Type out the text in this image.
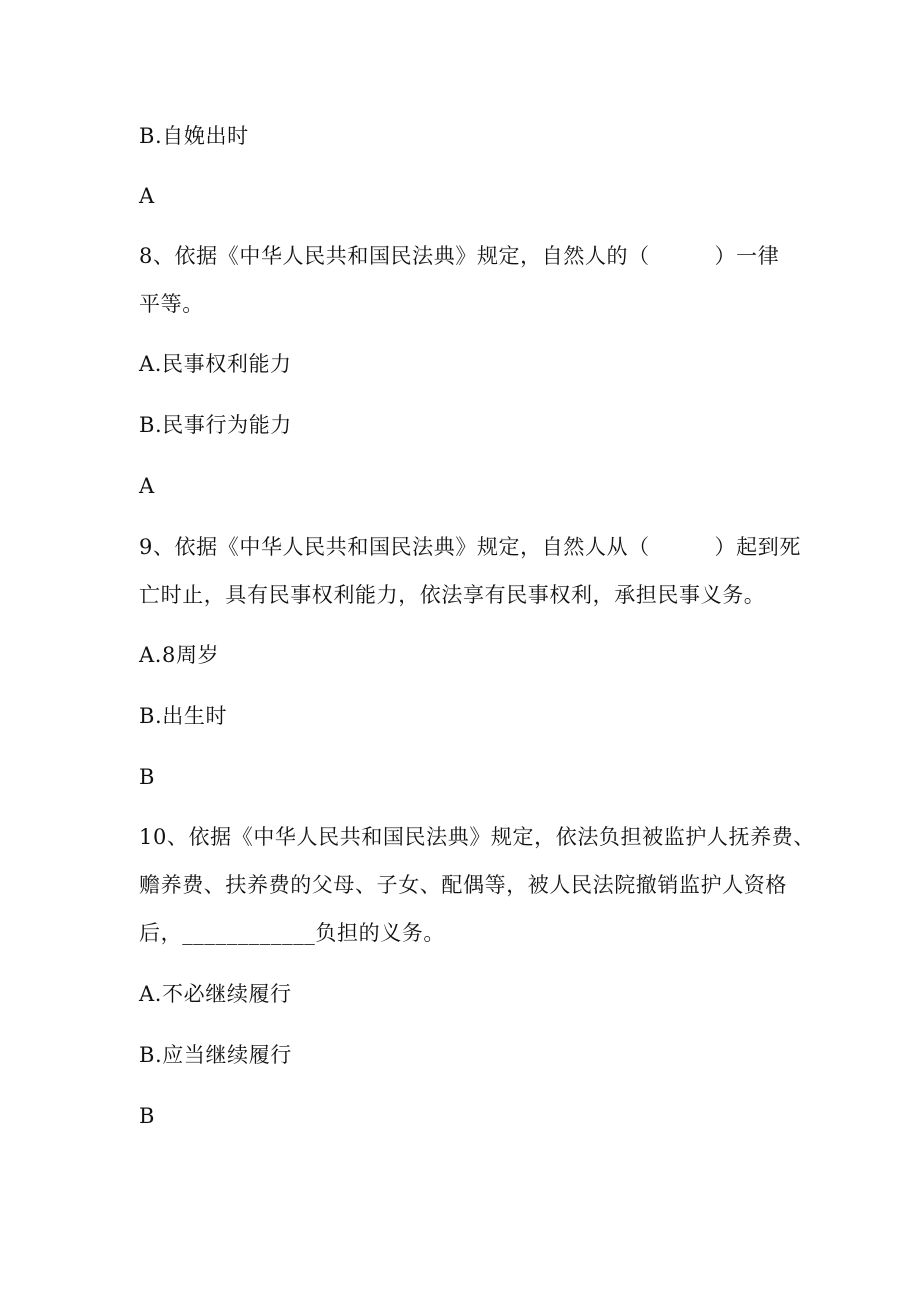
B.自娩出时
A
8、依据《中华人民共和国民法典》规定，自然人的（　　　）一律
平等。
A.民事权利能力
B.民事行为能力
A
9、依据《中华人民共和国民法典》规定，自然人从（　　　）起到死
亡时止，具有民事权利能力，依法享有民事权利，承担民事义务。
A.8周岁
B.出生时
B
10、依据《中华人民共和国民法典》规定，依法负担被监护人抚养费、
赡养费、扶养费的父母、子女、配偶等，被人民法院撤销监护人资格
后，____________负担的义务。
A.不必继续履行
B.应当继续履行
B
